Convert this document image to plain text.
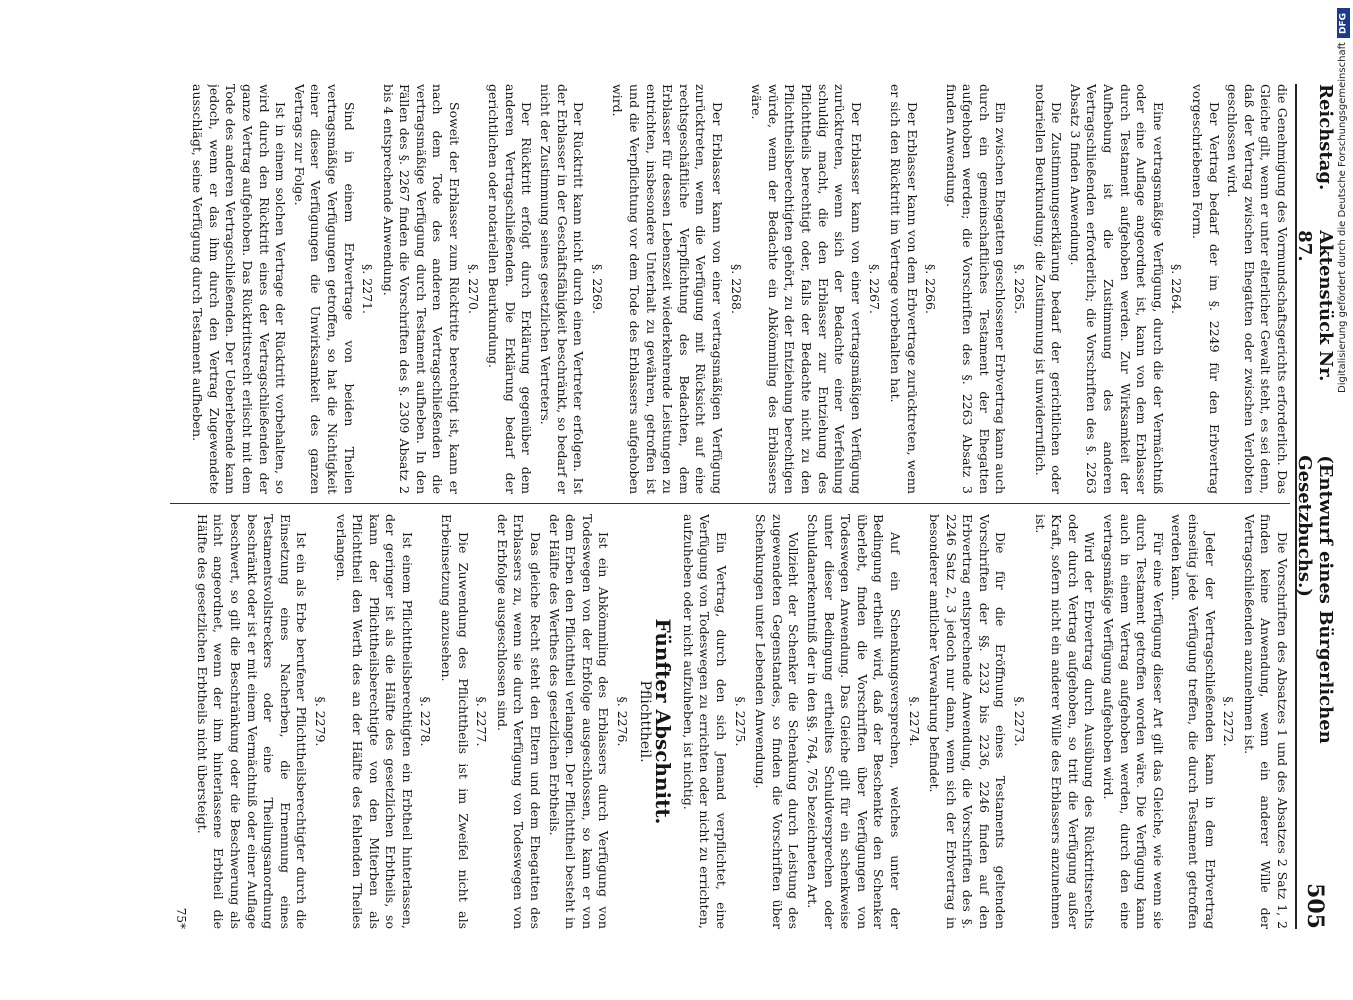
DFG
Digitalisierung gefördert durch die Deutsche Forschungsgemeinschaft
Reichstag.
Aktenstück Nr. 87.
(Entwurf eines Bürgerlichen Gesetzbuchs.)
505

die Genehmigung des Vormundschaftsgerichts erforderlich. Das Gleiche gilt, wenn er unter elterlicher Gewalt steht, es sei denn, daß der Vertrag zwischen Ehegatten oder zwischen Verlobten geschlossen wird.

Der Vertrag bedarf der im §. 2249 für den Erbvertrag vorgeschriebenen Form.

§. 2264.

Eine vertragsmäßige Verfügung, durch die der Vermächtniß oder eine Auflage angeordnet ist, kann von dem Erblasser durch Testament aufgehoben werden. Zur Wirksamkeit der Aufhebung ist die Zustimmung des anderen Vertragschließenden erforderlich; die Vorschriften des §. 2263 Absatz 3 finden Anwendung.

Die Zustimmungserklärung bedarf der gerichtlichen oder notariellen Beurkundung; die Zustimmung ist unwiderruflich.

§. 2265.

Ein zwischen Ehegatten geschlossener Erbvertrag kann auch durch ein gemeinschaftliches Testament der Ehegatten aufgehoben werden; die Vorschriften des §. 2263 Absatz 3 finden Anwendung.

§. 2266.

Der Erblasser kann von dem Erbvertrage zurücktreten, wenn er sich den Rücktritt im Vertrage vorbehalten hat.

§. 2267.

Der Erblasser kann von einer vertragsmäßigen Verfügung zurücktreten, wenn sich der Bedachte einer Verfehlung schuldig macht, die den Erblasser zur Entziehung des Pflichttheils berechtigt oder, falls der Bedachte nicht zu den Pflichttheilsberechtigten gehört, zu der Entziehung berechtigen würde, wenn der Bedachte ein Abkömmling des Erblassers wäre.

§. 2268.

Der Erblasser kann von einer vertragsmäßigen Verfügung zurücktreten, wenn die Verfügung mit Rücksicht auf eine rechtsgeschäftliche Verpflichtung des Bedachten, dem Erblasser für dessen Lebenszeit wiederkehrende Leistungen zu entrichten, insbesondere Unterhalt zu gewähren, getroffen ist und die Verpflichtung vor dem Tode des Erblassers aufgehoben wird.

§. 2269.

Der Rücktritt kann nicht durch einen Vertreter erfolgen. Ist der Erblasser in der Geschäftsfähigkeit beschränkt, so bedarf er nicht der Zustimmung seines gesetzlichen Vertreters.

Der Rücktritt erfolgt durch Erklärung gegenüber dem anderen Vertragschließenden. Die Erklärung bedarf der gerichtlichen oder notariellen Beurkundung.

§. 2270.

Soweit der Erblasser zum Rücktritte berechtigt ist, kann er nach dem Tode des anderen Vertragschließenden die vertragsmäßige Verfügung durch Testament aufheben. In den Fällen des §. 2267 finden die Vorschriften des §. 2309 Absatz 2 bis 4 entsprechende Anwendung.

§. 2271.

Sind in einem Erbvertrage von beiden Theilen vertragsmäßige Verfügungen getroffen, so hat die Nichtigkeit einer dieser Verfügungen die Unwirksamkeit des ganzen Vertrags zur Folge.

Ist in einem solchen Vertrage der Rücktritt vorbehalten, so wird durch den Rücktritt eines der Vertragschließenden der ganze Vertrag aufgehoben. Das Rücktrittsrecht erlischt mit dem Tode des anderen Vertragschließenden. Der Ueberlebende kann jedoch, wenn er das ihm durch den Vertrag Zugewendete ausschlägt, seine Verfügung durch Testament aufheben.

Die Vorschriften des Absatzes 1 und des Absatzes 2 Satz 1, 2 finden keine Anwendung, wenn ein anderer Wille der Vertragschließenden anzunehmen ist.

§. 2272.

Jeder der Vertragschließenden kann in dem Erbvertrag einseitig jede Verfügung treffen, die durch Testament getroffen werden kann.

Für eine Verfügung dieser Art gilt das Gleiche, wie wenn sie durch Testament getroffen worden wäre. Die Verfügung kann auch in einem Vertrag aufgehoben werden, durch den eine vertragsmäßige Verfügung aufgehoben wird.

Wird der Erbvertrag durch Ausübung des Rücktrittsrechts oder durch Vertrag aufgehoben, so tritt die Verfügung außer Kraft, sofern nicht ein anderer Wille des Erblassers anzunehmen ist.

§. 2273.

Die für die Eröffnung eines Testaments geltenden Vorschriften der §§. 2232 bis 2236, 2246 finden auf den Erbvertrag entsprechende Anwendung, die Vorschriften des §. 2246 Satz 2, 3 jedoch nur dann, wenn sich der Erbvertrag in besonderer amtlicher Verwahrung befindet.

§. 2274.

Auf ein Schenkungsversprechen, welches unter der Bedingung ertheilt wird, daß der Beschenkte den Schenker überlebt, finden die Vorschriften über Verfügungen von Todeswegen Anwendung. Das Gleiche gilt für ein schenkweise unter dieser Bedingung ertheiltes Schuldversprechen oder Schuldanerkenntniß der in den §§. 764, 765 bezeichneten Art.

Vollzieht der Schenker die Schenkung durch Leistung des zugewendeten Gegenstandes, so finden die Vorschriften über Schenkungen unter Lebenden Anwendung.

§. 2275.

Ein Vertrag, durch den sich Jemand verpflichtet, eine Verfügung von Todeswegen zu errichten oder nicht zu errichten, aufzuheben oder nicht aufzuheben, ist nichtig.

Fünfter Abschnitt.
Pflichttheil.
§. 2276.

Ist ein Abkömmling des Erblassers durch Verfügung von Todeswegen von der Erbfolge ausgeschlossen, so kann er von dem Erben den Pflichttheil verlangen. Der Pflichttheil besteht in der Hälfte des Werthes des gesetzlichen Erbtheils.

Das gleiche Recht steht den Eltern und dem Ehegatten des Erblassers zu, wenn sie durch Verfügung von Todeswegen von der Erbfolge ausgeschlossen sind.

§. 2277.

Die Zuwendung des Pflichttheils ist im Zweifel nicht als Erbeinsetzung anzusehen.

§. 2278.

Ist einem Pflichttheilsberechtigten ein Erbtheil hinterlassen, der geringer ist als die Hälfte des gesetzlichen Erbtheils, so kann der Pflichttheilsberechtigte von den Miterben als Pflichttheil den Werth des an der Hälfte des fehlenden Theiles verlangen.

§. 2279.

Ist ein als Erbe berufener Pflichttheilsberechtigter durch die Einsetzung eines Nacherben, die Ernennung eines Testamentsvollstreckers oder eine Theilungsanordnung beschränkt oder ist er mit einem Vermächtniß oder einer Auflage beschwert, so gilt die Beschränkung oder die Beschwerung als nicht angeordnet, wenn der ihm hinterlassene Erbtheil die Hälfte des gesetzlichen Erbtheils nicht übersteigt.

75*
